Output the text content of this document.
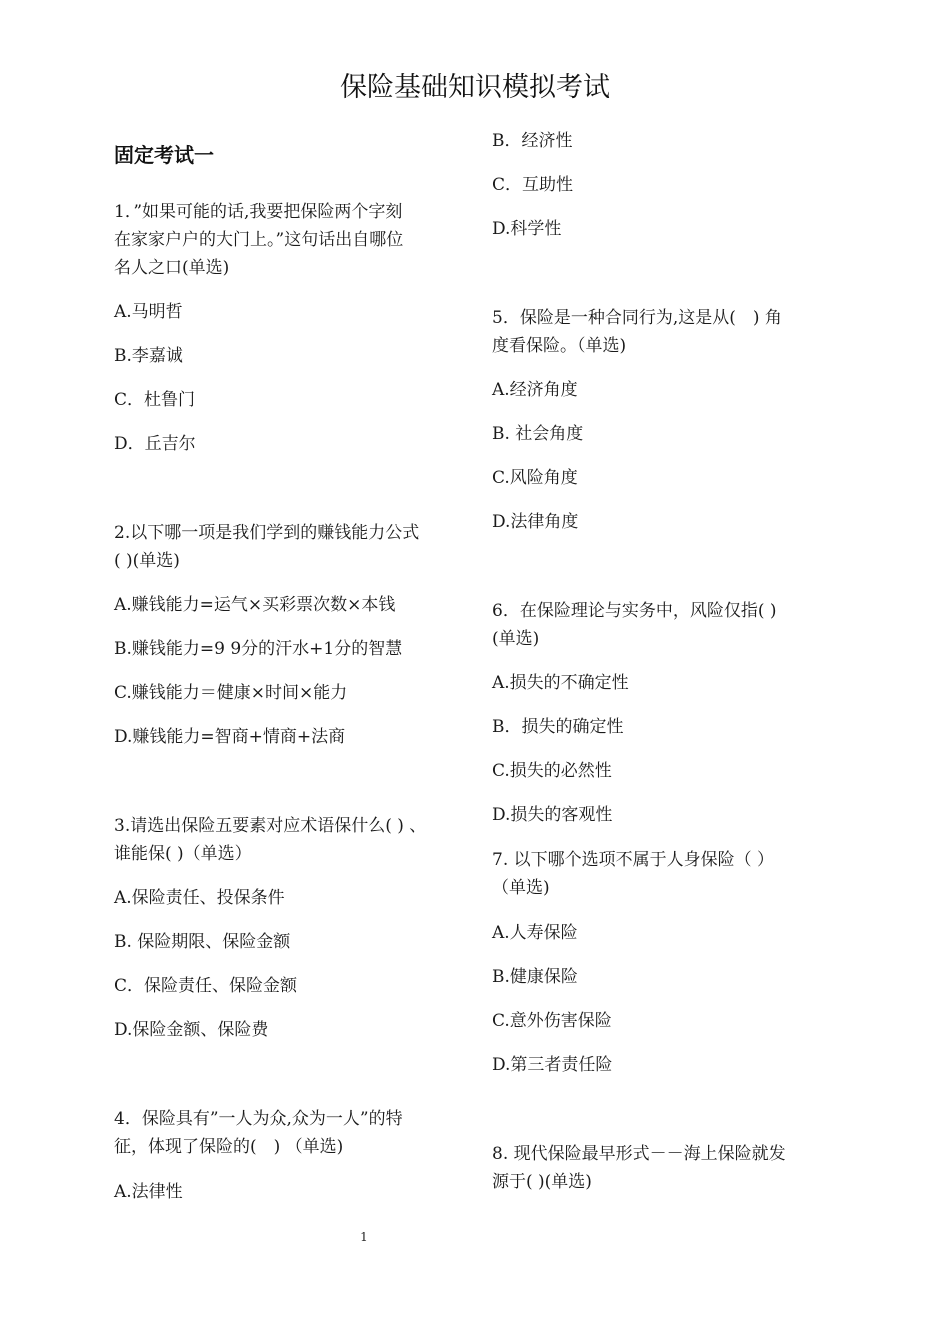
保险基础知识模拟考试
固定考试一
1．”如果可能的话,我要把保险两个字刻
在家家户户的大门上。”这句话出自哪位
名人之口(单选)
A.马明哲
B.李嘉诚
C．杜鲁门
D．丘吉尔
2.以下哪一项是我们学到的赚钱能力公式
( )(单选)
A.赚钱能力=运气×买彩票次数×本钱
B.赚钱能力=9 9分的汗水+1分的智慧
C.赚钱能力＝健康×时间×能力
D.赚钱能力=智商+情商+法商
3.请选出保险五要素对应术语保什么( ) 、
谁能保( )（单选）
A.保险责任、投保条件
B. 保险期限、保险金额
C．保险责任、保险金额
D.保险金额、保险费
4．保险具有”一人为众,众为一人”的特
征，体现了保险的(　) （单选)
A.法律性
B．经济性
C．互助性
D.科学性
5．保险是一种合同行为,这是从(　) 角
度看保险。（单选)
A.经济角度
B. 社会角度
C.风险角度
D.法律角度
6．在保险理论与实务中，风险仅指( )
(单选)
A.损失的不确定性
B．损失的确定性
C.损失的必然性
D.损失的客观性
7. 以下哪个选项不属于人身保险（ ）
（单选)
A.人寿保险
B.健康保险
C.意外伤害保险
D.第三者责任险
8. 现代保险最早形式－－海上保险就发
源于( )(单选)
1
